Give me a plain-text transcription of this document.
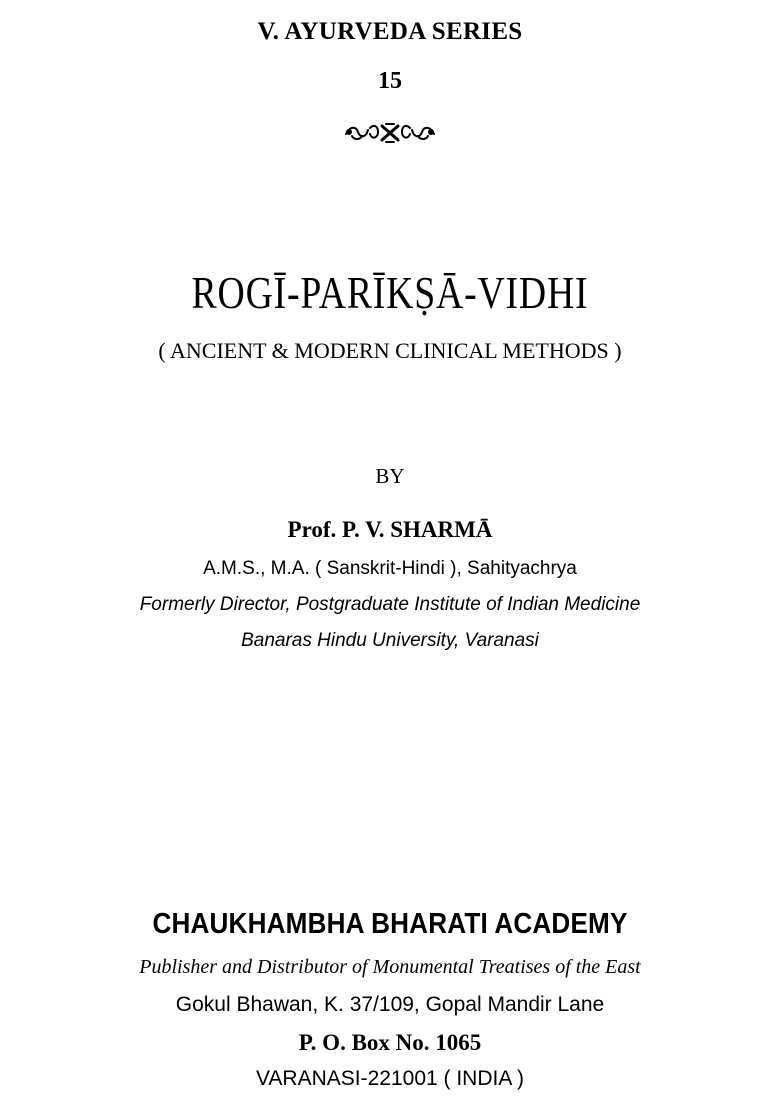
V. AYURVEDA SERIES
15
ROGĪ-PARĪKṢĀ-VIDHI
( ANCIENT & MODERN CLINICAL METHODS )
BY
Prof. P. V. SHARMĀ
A.M.S., M.A. ( Sanskrit-Hindi ), Sahityachrya
Formerly Director, Postgraduate Institute of Indian Medicine
Banaras Hindu University, Varanasi
CHAUKHAMBHA BHARATI ACADEMY
Publisher and Distributor of Monumental Treatises of the East
Gokul Bhawan, K. 37/109, Gopal Mandir Lane
P. O. Box No. 1065
VARANASI-221001 ( INDIA )
